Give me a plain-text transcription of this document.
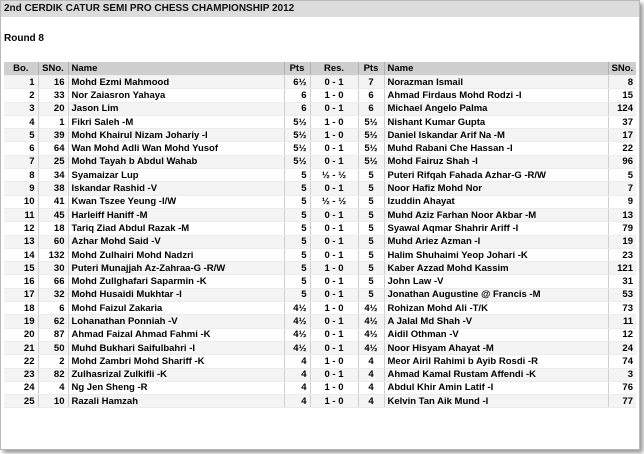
2nd CERDIK CATUR SEMI PRO CHESS CHAMPIONSHIP 2012
Round 8
Bo.	SNo.	Name	Pts	Res.	Pts	Name	SNo.
1	16	Mohd Ezmi Mahmood	6½	0 - 1	7	Norazman Ismail	8
2	33	Nor Zaiasron Yahaya	6	1 - 0	6	Ahmad Firdaus Mohd Rodzi -I	15
3	20	Jason Lim	6	0 - 1	6	Michael Angelo Palma	124
4	1	Fikri Saleh -M	5½	1 - 0	5½	Nishant Kumar Gupta	37
5	39	Mohd Khairul Nizam Johariy -I	5½	1 - 0	5½	Daniel Iskandar Arif Na -M	17
6	64	Wan Mohd Adli Wan Mohd Yusof	5½	0 - 1	5½	Muhd Rabani Che Hassan -I	22
7	25	Mohd Tayah b Abdul Wahab	5½	0 - 1	5½	Mohd Fairuz Shah -I	96
8	34	Syamaizar Lup	5	½ - ½	5	Puteri Rifqah Fahada Azhar-G -R/W	5
9	38	Iskandar Rashid -V	5	0 - 1	5	Noor Hafiz Mohd Nor	7
10	41	Kwan Tszee Yeung -I/W	5	½ - ½	5	Izuddin Ahayat	9
11	45	Harleiff Haniff -M	5	0 - 1	5	Muhd Aziz Farhan Noor Akbar -M	13
12	18	Tariq Ziad Abdul Razak -M	5	0 - 1	5	Syawal Aqmar Shahrir Ariff -I	79
13	60	Azhar Mohd Said -V	5	0 - 1	5	Muhd Ariez Azman -I	19
14	132	Mohd Zulhairi Mohd Nadzri	5	0 - 1	5	Halim Shuhaimi Yeop Johari -K	23
15	30	Puteri Munajjah Az-Zahraa-G -R/W	5	1 - 0	5	Kaber Azzad Mohd Kassim	121
16	66	Mohd Zullghafari Saparmin -K	5	0 - 1	5	John Law -V	31
17	32	Mohd Husaidi Mukhtar -I	5	0 - 1	5	Jonathan Augustine @ Francis -M	53
18	6	Mohd Faizul Zakaria	4½	1 - 0	4½	Rohizan Mohd Ali -T/K	73
19	62	Lohanathan Ponniah -V	4½	0 - 1	4½	A Jalal Md Shah -V	11
20	87	Ahmad Faizal Ahmad Fahmi -K	4½	0 - 1	4½	Aidil Othman -V	12
21	50	Muhd Bukhari Saifulbahri -I	4½	0 - 1	4½	Noor Hisyam Ahayat -M	24
22	2	Mohd Zambri Mohd Shariff -K	4	1 - 0	4	Meor Airil Rahimi b Ayib Rosdi -R	74
23	82	Zulhasrizal Zulkifli -K	4	0 - 1	4	Ahmad Kamal Rustam Affendi -K	3
24	4	Ng Jen Sheng -R	4	1 - 0	4	Abdul Khir Amin Latif -I	76
25	10	Razali Hamzah	4	1 - 0	4	Kelvin Tan Aik Mund -I	77
